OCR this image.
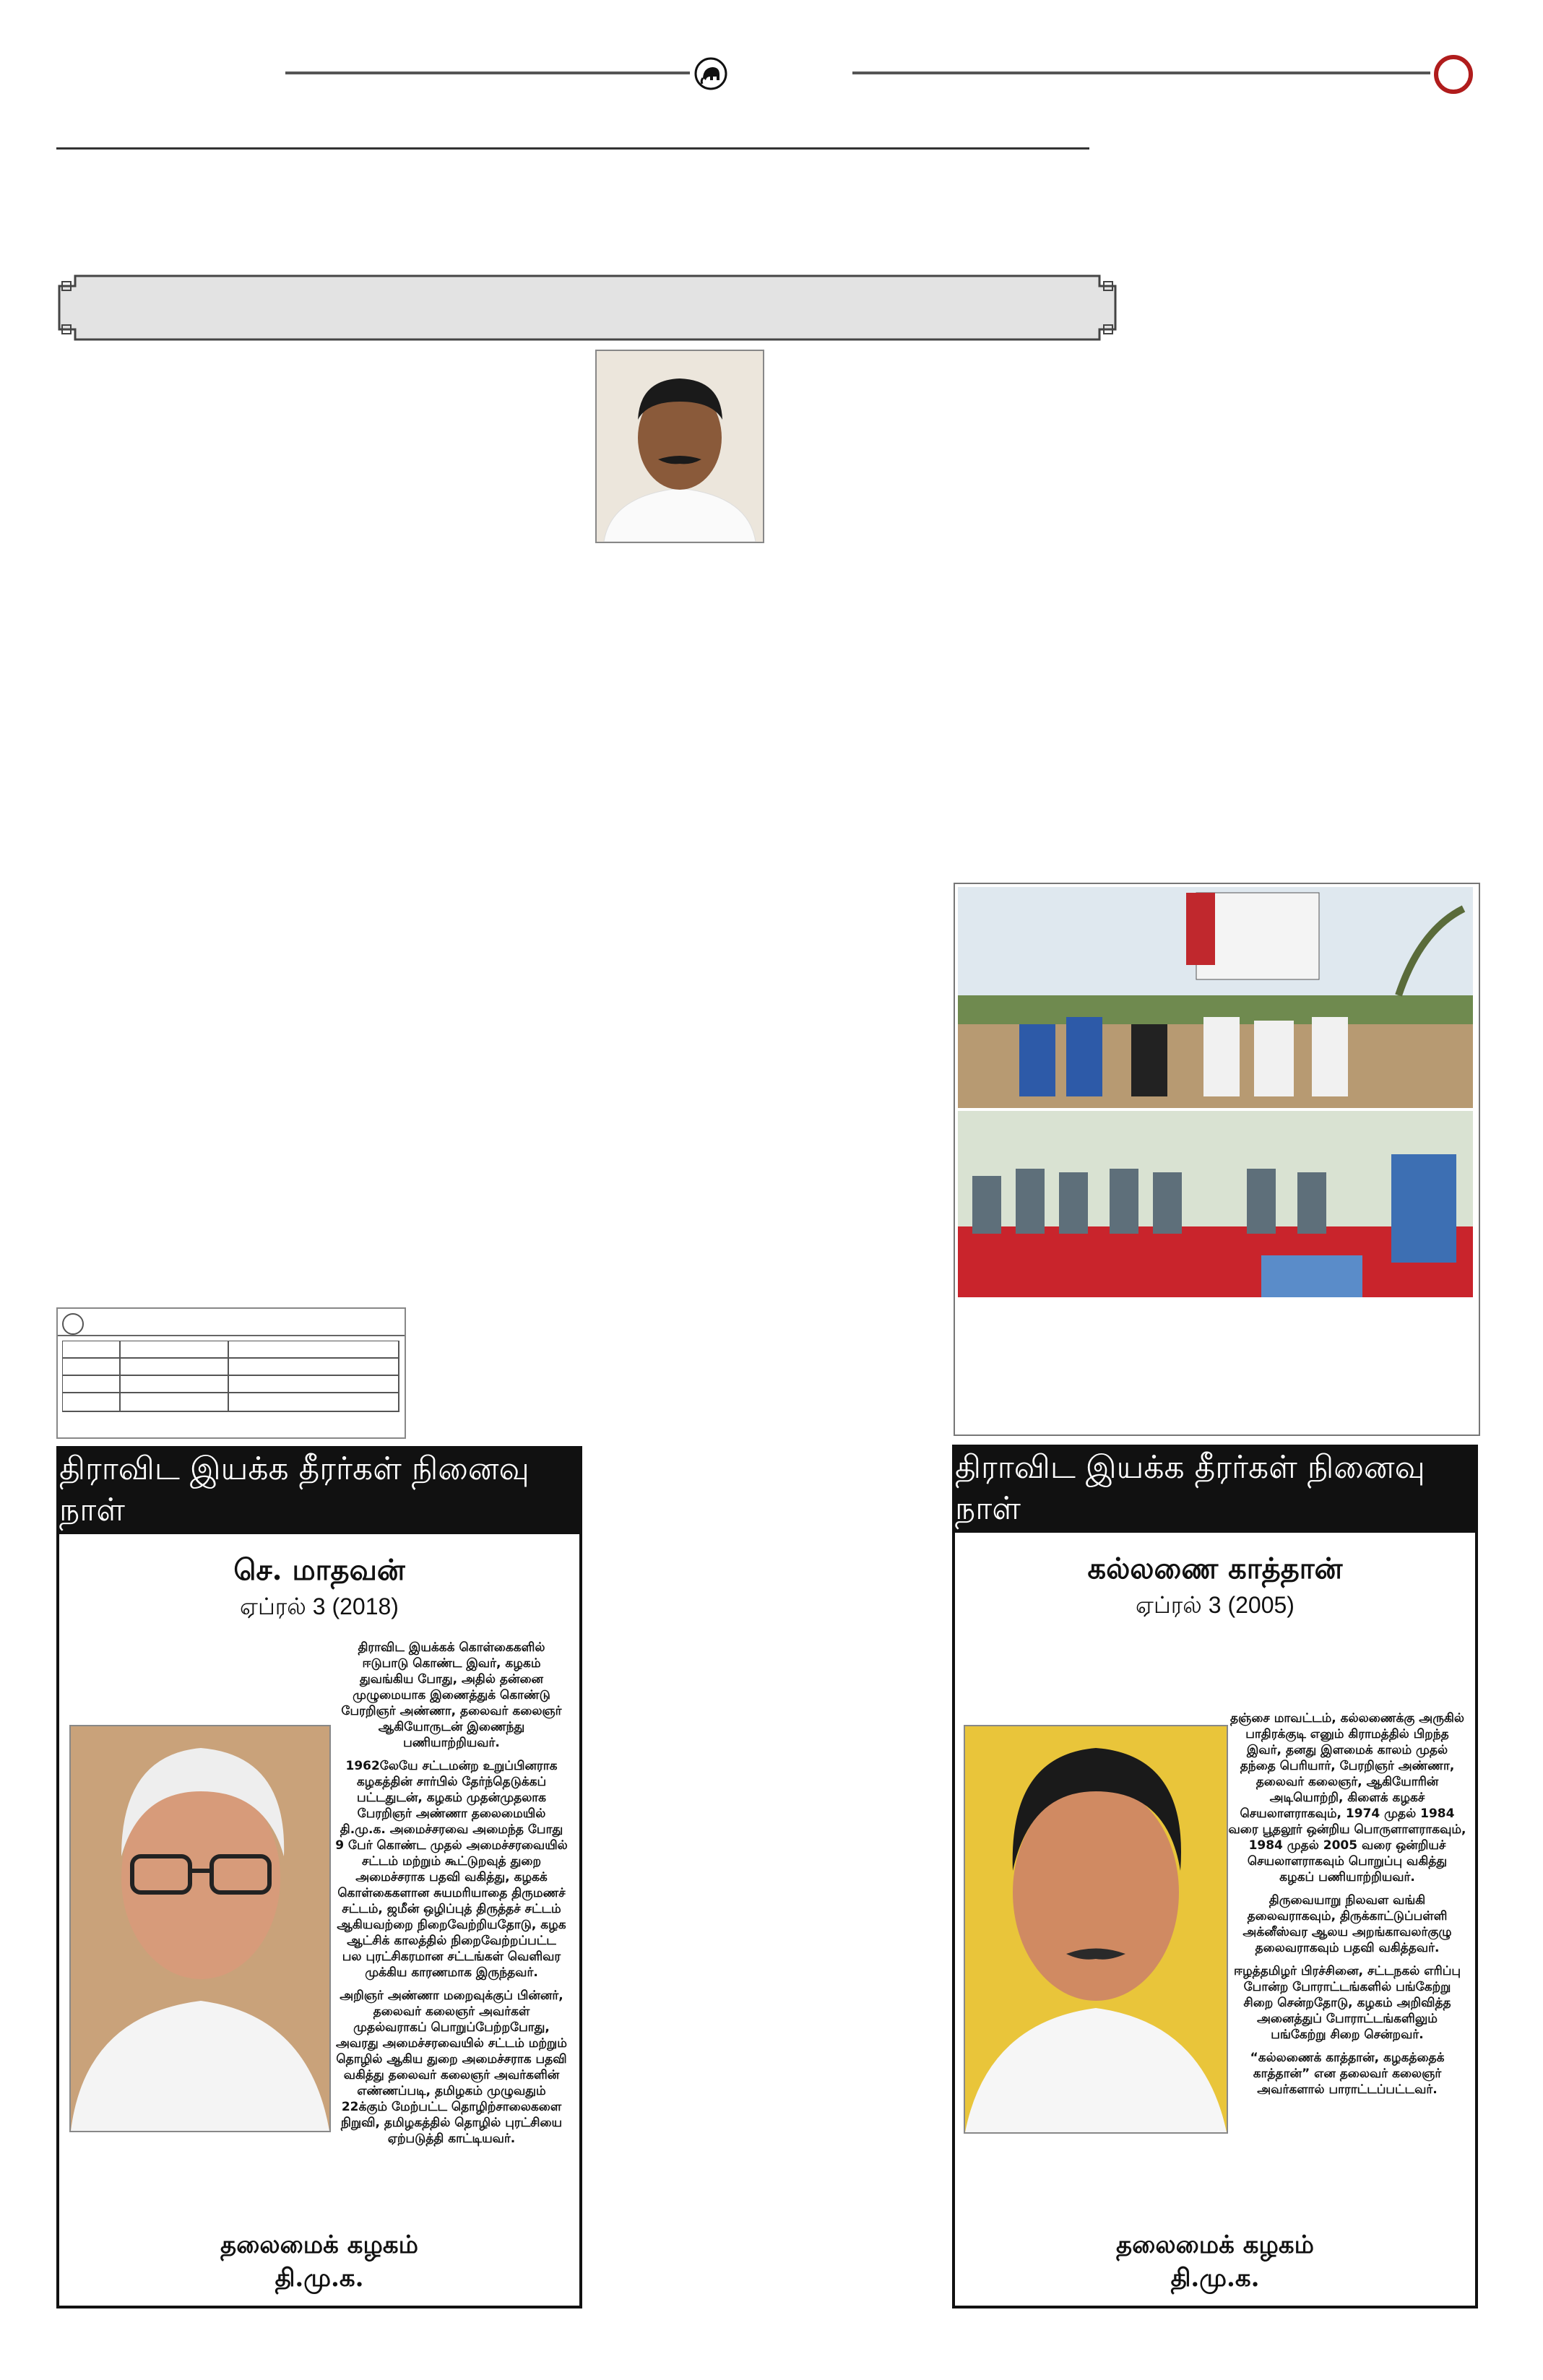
திராவிட இயக்க தீரர்கள் நினைவு நாள்
செ. மாதவன்
ஏப்ரல் 3 (2018)

திராவிட இயக்கக் கொள்கைகளில் ஈடுபாடு கொண்ட இவர், கழகம் துவங்கிய போது, அதில் தன்னை முழுமையாக இணைத்துக் கொண்டு பேரறிஞர் அண்ணா, தலைவர் கலைஞர் ஆகியோருடன் இணைந்து பணியாற்றியவர்.

1962லேயே சட்டமன்ற உறுப்பினராக கழகத்தின் சார்பில் தேர்ந்தெடுக்கப் பட்டதுடன், கழகம் முதன்முதலாக பேரறிஞர் அண்ணா தலைமையில் தி.மு.க. அமைச்சரவை அமைந்த போது 9 பேர் கொண்ட முதல் அமைச்சரவையில் சட்டம் மற்றும் கூட்டுறவுத் துறை அமைச்சராக பதவி வகித்து, கழகக் கொள்கைகளான சுயமரியாதை திருமணச் சட்டம், ஜமீன் ஒழிப்புத் திருத்தச் சட்டம் ஆகியவற்றை நிறைவேற்றியதோடு, கழக ஆட்சிக் காலத்தில் நிறைவேற்றப்பட்ட பல புரட்சிகரமான சட்டங்கள் வெளிவர முக்கிய காரணமாக இருந்தவர்.

அறிஞர் அண்ணா மறைவுக்குப் பின்னர், தலைவர் கலைஞர் அவர்கள் முதல்வராகப் பொறுப்பேற்றபோது, அவரது அமைச்சரவையில் சட்டம் மற்றும் தொழில் ஆகிய துறை அமைச்சராக பதவி வகித்து தலைவர் கலைஞர் அவர்களின் எண்ணப்படி, தமிழகம் முழுவதும் 22க்கும் மேற்பட்ட தொழிற்சாலைகளை நிறுவி, தமிழகத்தில் தொழில் புரட்சியை ஏற்படுத்தி காட்டியவர்.

தலைமைக் கழகம்
தி.மு.க.
திராவிட இயக்க தீரர்கள் நினைவு நாள்
கல்லணை காத்தான்
ஏப்ரல் 3 (2005)

தஞ்சை மாவட்டம், கல்லணைக்கு அருகில் பாதிரக்குடி எனும் கிராமத்தில் பிறந்த இவர், தனது இளமைக் காலம் முதல் தந்தை பெரியார், பேரறிஞர் அண்ணா, தலைவர் கலைஞர், ஆகியோரின் அடியொற்றி, கிளைக் கழகச் செயலாளராகவும், 1974 முதல் 1984 வரை பூதலூர் ஒன்றிய பொருளாளராகவும், 1984 முதல் 2005 வரை ஒன்றியச் செயலாளராகவும் பொறுப்பு வகித்து கழகப் பணியாற்றியவர்.

திருவையாறு நிலவள வங்கி தலைவராகவும், திருக்காட்டுப்பள்ளி அக்னீஸ்வர ஆலய அறங்காவலர்குழு தலைவராகவும் பதவி வகித்தவர்.

ஈழத்தமிழர் பிரச்சினை, சட்டநகல் எரிப்பு போன்ற போராட்டங்களில் பங்கேற்று சிறை சென்றதோடு, கழகம் அறிவித்த அனைத்துப் போராட்டங்களிலும் பங்கேற்று சிறை சென்றவர்.

“கல்லணைக் காத்தான், கழகத்தைக் காத்தான்” என தலைவர் கலைஞர் அவர்களால் பாராட்டப்பட்டவர்.

தலைமைக் கழகம்
தி.மு.க.
